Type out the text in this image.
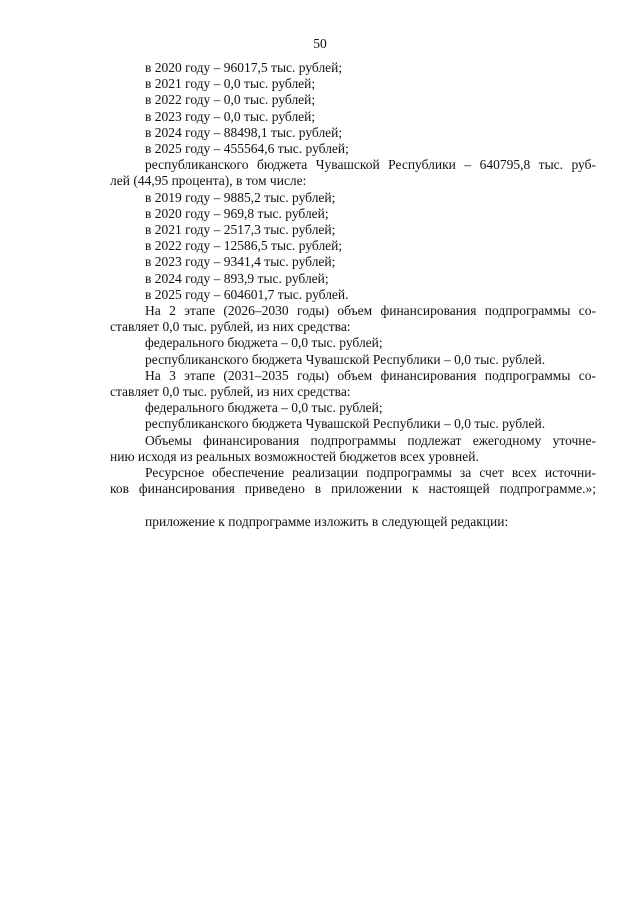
50

в 2020 году – 96017,5 тыс. рублей;

в 2021 году – 0,0 тыс. рублей;

в 2022 году – 0,0 тыс. рублей;

в 2023 году – 0,0 тыс. рублей;

в 2024 году – 88498,1 тыс. рублей;

в 2025 году – 455564,6 тыс. рублей;

республиканского бюджета Чувашской Республики – 640795,8 тыс. руб-

лей (44,95 процента), в том числе:

в 2019 году – 9885,2 тыс. рублей;

в 2020 году – 969,8 тыс. рублей;

в 2021 году – 2517,3 тыс. рублей;

в 2022 году – 12586,5 тыс. рублей;

в 2023 году – 9341,4 тыс. рублей;

в 2024 году – 893,9 тыс. рублей;

в 2025 году – 604601,7 тыс. рублей.

На 2 этапе (2026–2030 годы) объем финансирования подпрограммы со-

ставляет 0,0 тыс. рублей, из них средства:

федерального бюджета – 0,0 тыс. рублей;

республиканского бюджета Чувашской Республики – 0,0 тыс. рублей.

На 3 этапе (2031–2035 годы) объем финансирования подпрограммы со-

ставляет 0,0 тыс. рублей, из них средства:

федерального бюджета – 0,0 тыс. рублей;

республиканского бюджета Чувашской Республики – 0,0 тыс. рублей.

Объемы финансирования подпрограммы подлежат ежегодному уточне-

нию исходя из реальных возможностей бюджетов всех уровней.

Ресурсное обеспечение реализации подпрограммы за счет всех источни-

ков финансирования приведено в приложении к настоящей подпрограмме.»;

приложение к подпрограмме изложить в следующей редакции:
